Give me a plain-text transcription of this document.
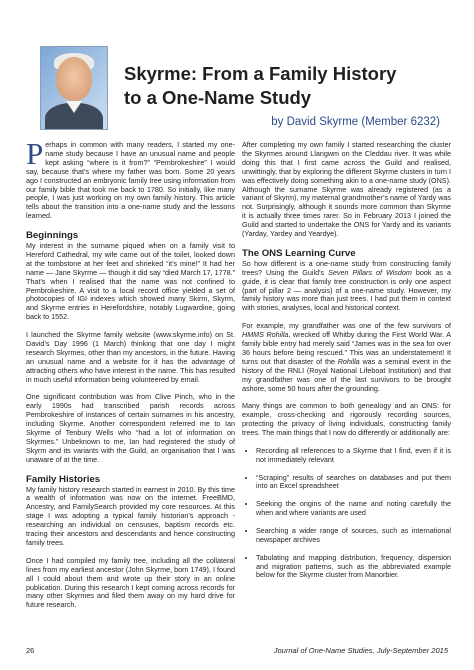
Skyrme: From a Family History
to a One-Name Study
by David Skyrme (Member 6232)

Perhaps in common with many readers, I started my one-name study because I have an unusual name and people kept asking “where is it from?” “Pembrokeshire” I would say, because that’s where my father was born. Some 20 years ago I constructed an embryonic family tree using information from our family bible that took me back to 1780. So initially, like many people, I was just working on my own family history. This article tells about the transition into a one-name study and the lessons learned.

Beginnings

My interest in the surname piqued when on a family visit to Hereford Cathedral, my wife came out of the toilet, looked down at the tombstone at her feet and shrieked “it’s mine!” It had her name — Jane Skyrme — though it did say “died March 17, 1778.” That’s when I realised that the name was not confined to Pembrokeshire. A visit to a local record office yielded a set of photocopies of IGI indexes which showed many Skirm, Skyrm, and Skyrme entries in Herefordshire, notably Lugwardine, going back to 1552.

I launched the Skyrme family website (www.skyrme.info) on St. David’s Day 1996 (1 March) thinking that one day I might research Skyrmes, other than my ancestors, in the future. Having an unusual name and a website for it has the advantage of attracting others who have interest in the name. This has resulted in much useful information being volunteered by email.

One significant contribution was from Clive Pinch, who in the early 1990s had transcribed parish records across Pembrokeshire of instances of certain surnames in his ancestry, including Skyrme. Another correspondent referred me to Ian Skyrme of Tenbury Wells who “had a lot of information on Skyrmes.” Unbeknown to me, Ian had registered the study of Skyrm and its variants with the Guild, an organisation that I was unaware of at the time.

Family Histories

My family history research started in earnest in 2010. By this time a wealth of information was now on the internet. FreeBMD, Ancestry, and FamilySearch provided my core resources. At this stage I was adopting a typical family historian’s approach - researching an individual on censuses, baptism records etc. tracing their ancestors and descendants and hence constructing family trees.

Once I had compiled my family tree, including all the collateral lines from my earliest ancestor (John Skyrme, born 1749), I found all I could about them and wrote up their story in an online publication. During this research I kept coming across records for many other Skyrmes and filed them away on my hard drive for future research.

After completing my own family I started researching the cluster the Skyrmes around Llangwm on the Cleddau river. It was while doing this that I first came across the Guild and realised, unwittingly, that by exploring the different Skyrme clusters in turn I was effectively doing something akin to a one-name study (ONS). Although the surname Skyrme was already registered (as a variant of Skyrm), my maternal grandmother’s name of Yardy was not. Surprisingly, although it sounds more common than Skyrme it is actually three times rarer. So in February 2013 I joined the Guild and started to undertake the ONS for Yardy and its variants (Yarday, Yardey and Yeardye).

The ONS Learning Curve

So how different is a one-name study from constructing family trees? Using the Guild’s Seven Pillars of Wisdom book as a guide, it is clear that family tree construction is only one aspect (part of pillar 2 — analysis) of a one-name study. However, my family history was more than just trees. I had put them in context with stories, analyses, local and historical context.

For example, my grandfather was one of the few survivors of HMMS Rohilla, wrecked off Whitby during the First World War. A family bible entry had merely said “James was in the sea for over 36 hours before being rescued.” This was an understatement! It turns out that disaster of the Rohilla was a seminal event in the history of the RNLI (Royal National Lifeboat Institution) and that my grandfather was one of the last survivors to be brought ashore, some 50 hours after the grounding.

Many things are common to both genealogy and an ONS: for example, cross-checking and rigorously recording sources, protecting the privacy of living individuals, constructing family trees. The main things that I now do differently or additionally are:

• Recording all references to a Skyrme that I find, even if it is not immediately relevant
• “Scraping” results of searches on databases and put them into an Excel spreadsheet
• Seeking the origins of the name and noting carefully the when and where variants are used
• Searching a wider range of sources, such as international newspaper archives
• Tabulating and mapping distribution, frequency, dispersion and migration patterns, such as the abbreviated example below for the Skyrme cluster from Manorbier.
26	Journal of One-Name Studies, July-September 2015
